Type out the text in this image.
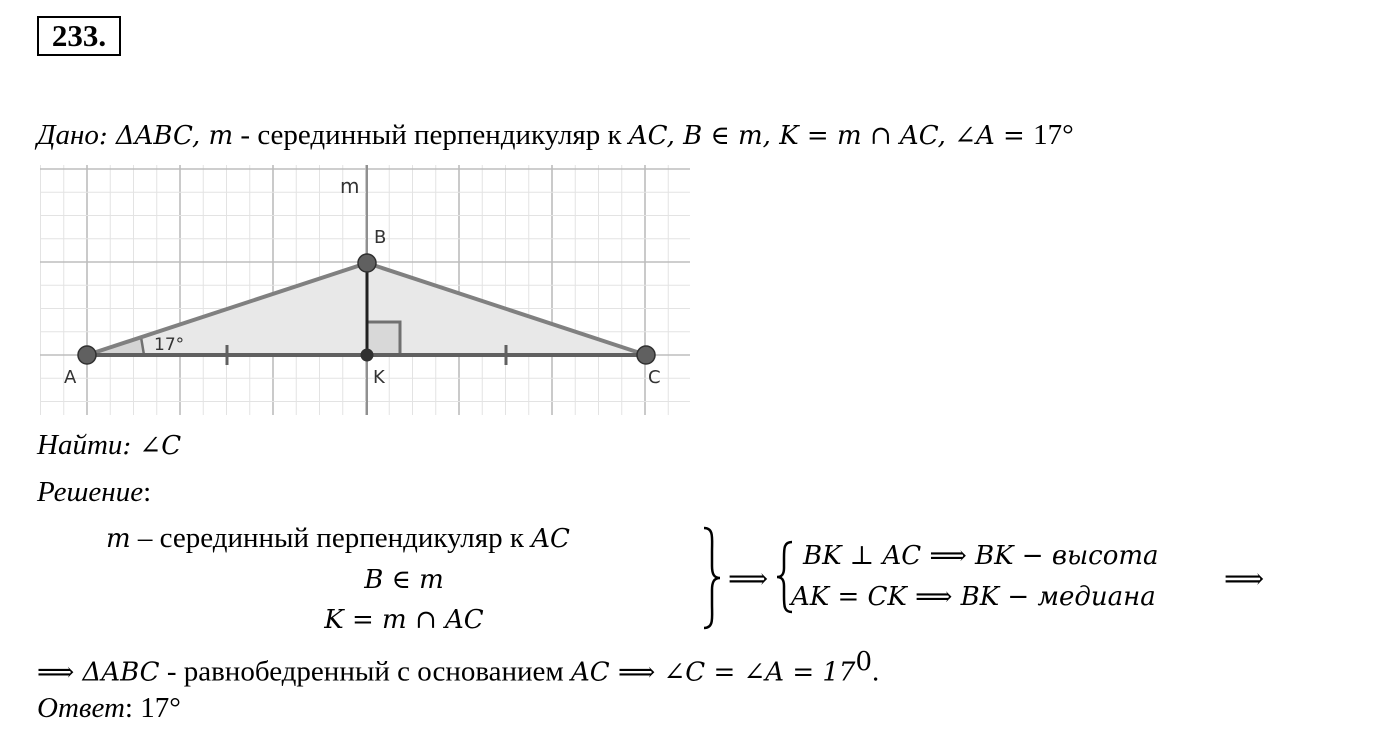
233.
Дано: ΔABC, m - серединный перпендикуляр к AC, B ∈ m, K = m ∩ AC, ∠A = 17°
m
B
A	C
K
17°
Найти: ∠C
Решение:
m – серединный перпендикуляр к AC
B ∈ m
K = m ∩ AC
⟹
BK ⊥ AC ⟹ BK − высота
AK = CK ⟹ BK − медиана
⟹
⟹ ΔABC - равнобедренный с основанием AC ⟹ ∠C = ∠A = $17^0$.
Ответ: 17°
